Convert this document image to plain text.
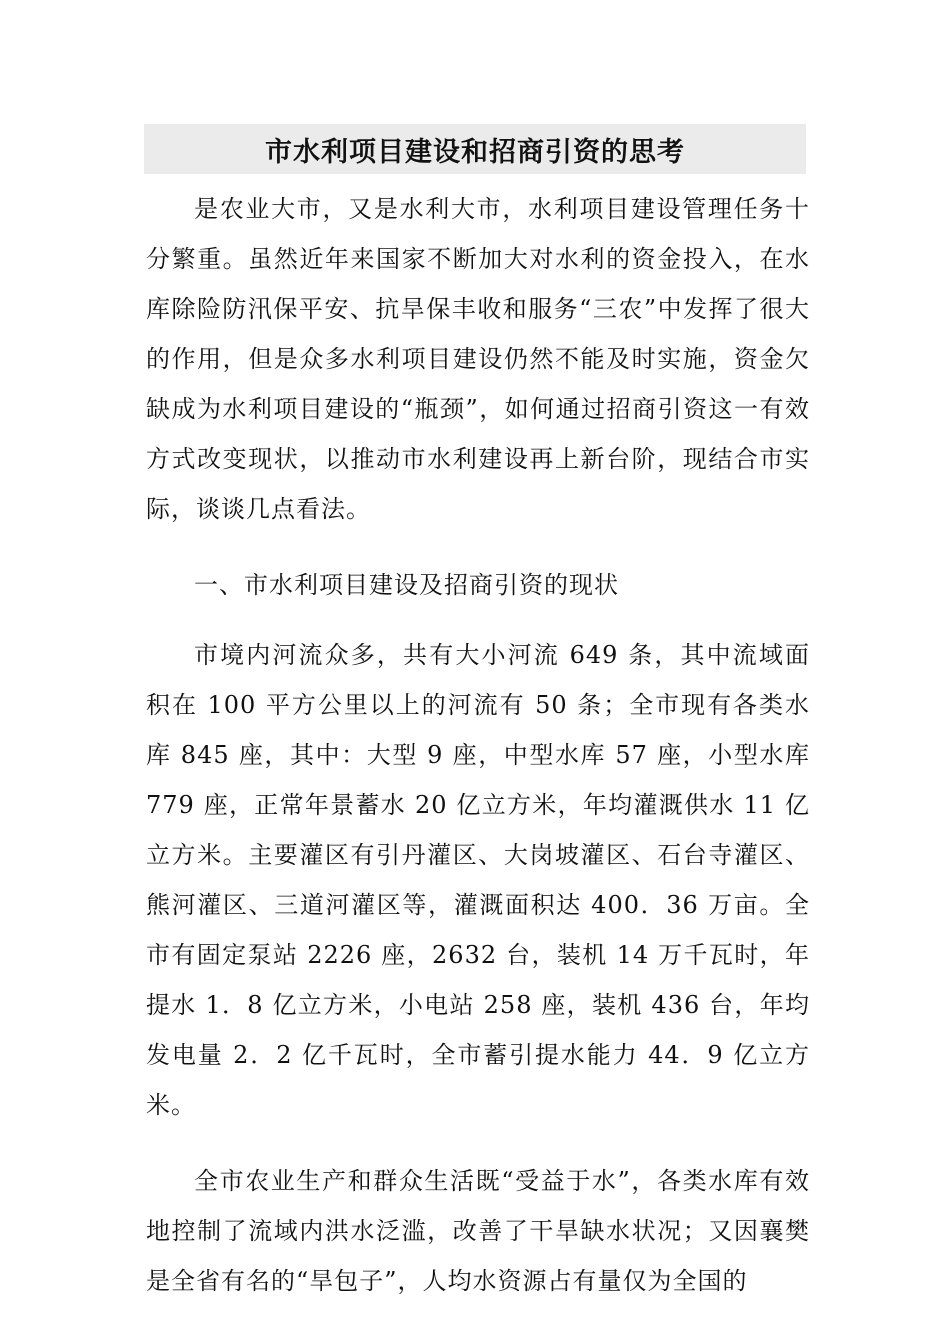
市水利项目建设和招商引资的思考

是农业大市，又是水利大市，水利项目建设管理任务十分繁重。虽然近年来国家不断加大对水利的资金投入，在水库除险防汛保平安、抗旱保丰收和服务“三农”中发挥了很大的作用，但是众多水利项目建设仍然不能及时实施，资金欠缺成为水利项目建设的“瓶颈”，如何通过招商引资这一有效方式改变现状，以推动市水利建设再上新台阶，现结合市实际，谈谈几点看法。

一、市水利项目建设及招商引资的现状

市境内河流众多，共有大小河流 649 条，其中流域面积在 100 平方公里以上的河流有 50 条；全市现有各类水库 845 座，其中：大型 9 座，中型水库 57 座，小型水库 779 座，正常年景蓄水 20 亿立方米，年均灌溉供水 11 亿立方米。主要灌区有引丹灌区、大岗坡灌区、石台寺灌区、熊河灌区、三道河灌区等，灌溉面积达 400．36 万亩。全市有固定泵站 2226 座，2632 台，装机 14 万千瓦时，年提水 1．8 亿立方米，小电站 258 座，装机 436 台，年均发电量 2．2 亿千瓦时，全市蓄引提水能力 44．9 亿立方米。

全市农业生产和群众生活既“受益于水”，各类水库有效地控制了流域内洪水泛滥，改善了干旱缺水状况；又因襄樊是全省有名的“旱包子”，人均水资源占有量仅为全国的
